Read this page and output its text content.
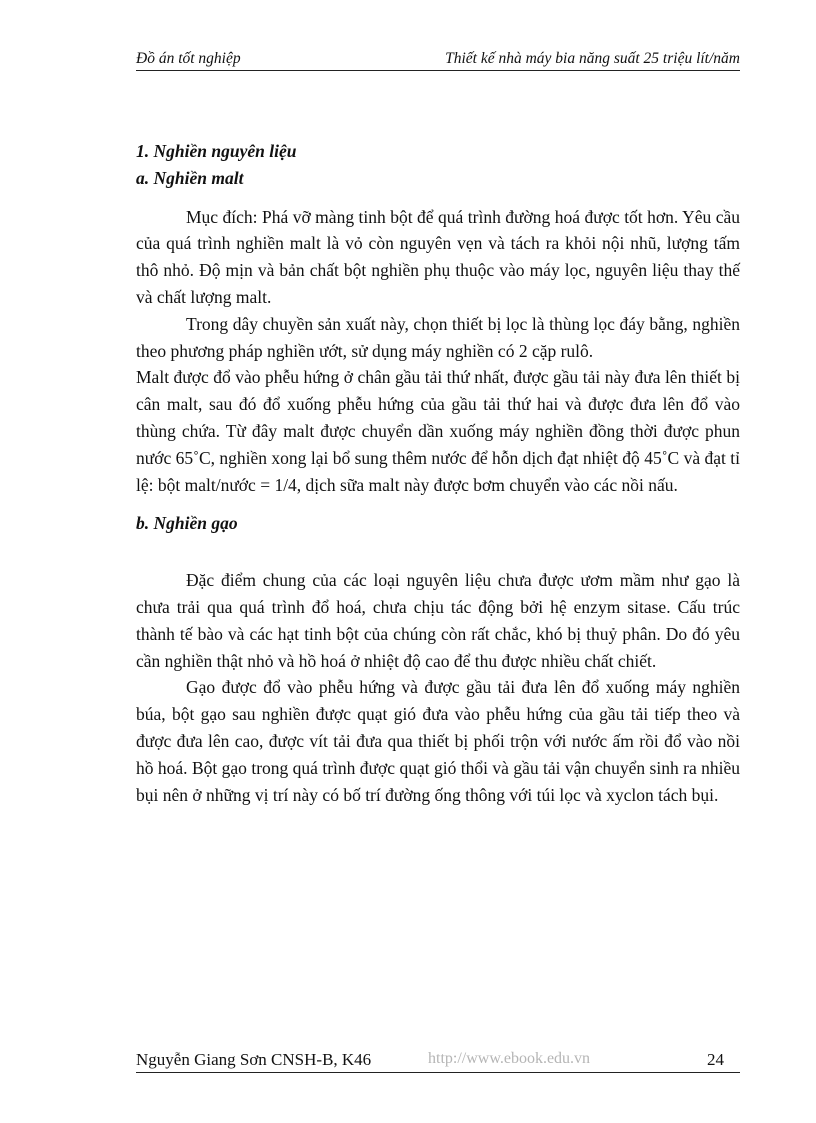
Đồ án tốt nghiệp	Thiết kế nhà máy bia năng suất 25 triệu lít/năm
1. Nghiền nguyên liệu
a. Nghiền malt

Mục đích: Phá vỡ màng tinh bột để quá trình đường hoá được tốt hơn. Yêu cầu của quá trình nghiền malt là vỏ còn nguyên vẹn và tách ra khỏi nội nhũ, lượng tấm thô nhỏ. Độ mịn và bản chất bột nghiền phụ thuộc vào máy lọc, nguyên liệu thay thế và chất lượng malt.

Trong dây chuyền sản xuất này, chọn thiết bị lọc là thùng lọc đáy bằng, nghiền theo phương pháp nghiền ướt, sử dụng máy nghiền có 2 cặp rulô.

Malt được đổ vào phễu hứng ở chân gầu tải thứ nhất, được gầu tải này đưa lên thiết bị cân malt, sau đó đổ xuống phễu hứng của gầu tải thứ hai và được đưa lên đổ vào thùng chứa. Từ đây malt được chuyển dần xuống máy nghiền đồng thời được phun nước 65˚C, nghiền xong lại bổ sung thêm nước để hỗn dịch đạt nhiệt độ 45˚C và đạt tỉ lệ: bột malt/nước = 1/4, dịch sữa malt này được bơm chuyển vào các nồi nấu.

b. Nghiền gạo

Đặc điểm chung của các loại nguyên liệu chưa được ươm mầm như gạo là chưa trải qua quá trình đổ hoá, chưa chịu tác động bởi hệ enzym sitase. Cấu trúc thành tế bào và các hạt tinh bột của chúng còn rất chắc, khó bị thuỷ phân. Do đó yêu cần nghiền thật nhỏ và hồ hoá ở nhiệt độ cao để thu được nhiều chất chiết.

Gạo được đổ vào phễu hứng và được gầu tải đưa lên đổ xuống máy nghiền búa, bột gạo sau nghiền được quạt gió đưa vào phễu hứng của gầu tải tiếp theo và được đưa lên cao, được vít tải đưa qua thiết bị phối trộn với nước ấm rồi đổ vào nồi hồ hoá. Bột gạo trong quá trình được quạt gió thổi và gầu tải vận chuyển sinh ra nhiều bụi nên ở những vị trí này có bố trí đường ống thông với túi lọc và xyclon tách bụi.

Nguyễn Giang Sơn CNSH-B, K46	http://www.ebook.edu.vn	24
